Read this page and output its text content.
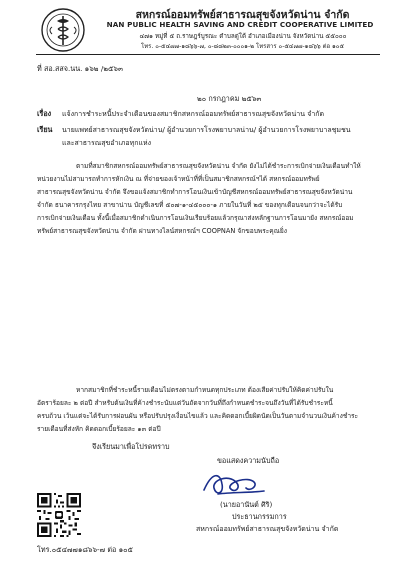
สหกรณ์ออมทรัพย์สาธารณสุขจังหวัดน่าน จำกัด
NAN PUBLIC HEALTH SAVING AND CREDIT COOPERATIVE LIMITED
๔๗๑ หมู่ที่ ๕ ถ.ราษฎร์บูรณะ ตำบลดู่ใต้ อำเภอเมืองน่าน จังหวัดน่าน ๕๕๐๐๐
โทร. ๐-๕๔๗๗-๑๘๖๖-๗, ๐-๘๘๒๓-๐๐๐๑-๒ โทรสาร ๐-๕๔๗๗-๑๘๖๖ ต่อ ๑๐๕
ที่ สอ.สสจ.นน. ๑๖๒ /๒๕๖๓
๒๐ กรกฎาคม ๒๕๖๓
เรื่อง แจ้งการชำระหนี้ประจำเดือนของสมาชิกสหกรณ์ออมทรัพย์สาธารณสุขจังหวัดน่าน จำกัด
เรียน นายแพทย์สาธารณสุขจังหวัดน่าน/ ผู้อำนวยการโรงพยาบาลน่าน/ ผู้อำนวยการโรงพยาบาลชุมชน
และสาธารณสุขอำเภอทุกแห่ง
ตามที่สมาชิกสหกรณ์ออมทรัพย์สาธารณสุขจังหวัดน่าน จำกัด ยังไม่ได้ชำระการเบิกจ่ายเงินเดือนทำให้
หน่วยงานไม่สามารถทำการหักเงิน ณ ที่จ่ายของเจ้าหน้าที่ที่เป็นสมาชิกสหกรณ์ฯได้ สหกรณ์ออมทรัพย์
สาธารณสุขจังหวัดน่าน จำกัด จึงขอแจ้งสมาชิกทำการโอนเงินเข้าบัญชีสหกรณ์ออมทรัพย์สาธารณสุขจังหวัดน่าน
จำกัด ธนาคารกรุงไทย สาขาน่าน บัญชีเลขที่ ๕๐๗-๑-๔๕๐๐๐-๑ ภายในวันที่ ๒๕ ของทุกเดือนจนกว่าจะได้รับ
การเบิกจ่ายเงินเดือน ทั้งนี้เมื่อสมาชิกดำเนินการโอนเงินเรียบร้อยแล้วกรุณาส่งหลักฐานการโอนมายัง สหกรณ์ออม
ทรัพย์สาธารณสุขจังหวัดน่าน จำกัด ผ่านทางไลน์สหกรณ์ฯ COOPNAN จักขอบพระคุณยิ่ง
หากสมาชิกที่ชำระหนี้รายเดือนไม่ตรงตามกำหนดทุกประเภท ต้องเสียค่าปรับให้คิดค่าปรับใน
อัตราร้อยละ ๒ ต่อปี สำหรับต้นเงินที่ค้างชำระนับแต่วันถัดจากวันที่ถึงกำหนดชำระจนถึงวันที่ได้รับชำระหนี้
ครบถ้วน เว้นแต่จะได้รับการผ่อนผัน หรือปรับปรุงเงื่อนไขแล้ว และคิดดอกเบี้ยผิดนัดเป็นวันตามจำนวนเงินค้างชำระ
รายเดือนที่ส่งหัก คิดดอกเบี้ยร้อยละ ๑๓ ต่อปี
จึงเรียนมาเพื่อโปรดทราบ
ขอแสดงความนับถือ
(นายอานันต์ ศิริ)
ประธานกรรมการ
สหกรณ์ออมทรัพย์สาธารณสุขจังหวัดน่าน จำกัด
โทร.๐๕๔๗๗๑๘๖๖-๗ ต่อ ๑๐๕
